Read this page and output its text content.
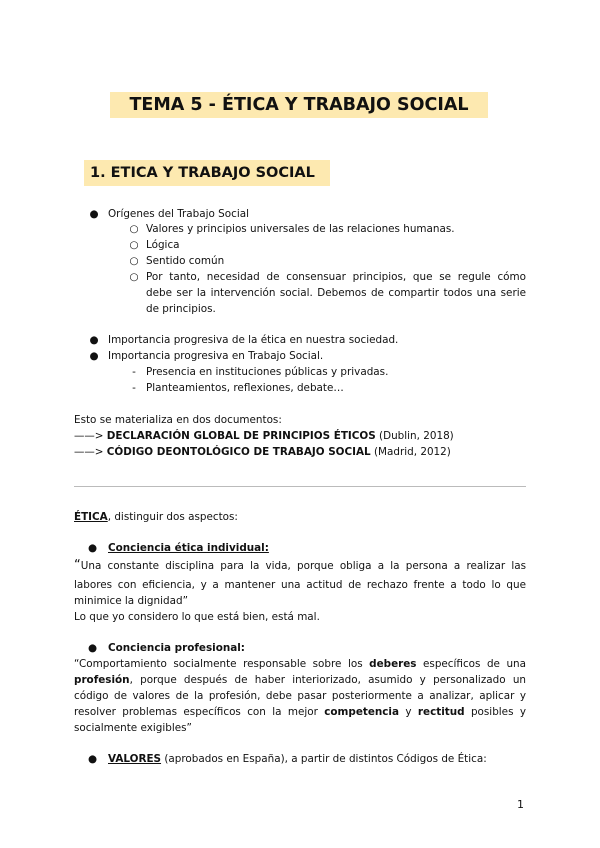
TEMA 5 - ÉTICA Y TRABAJO SOCIAL
1. ETICA Y TRABAJO SOCIAL
● Orígenes del Trabajo Social
○ Valores y principios universales de las relaciones humanas.
○ Lógica
○ Sentido común
○ Por tanto, necesidad de consensuar principios, que se regule cómo
debe ser la intervención social. Debemos de compartir todos una serie
de principios.
● Importancia progresiva de la ética en nuestra sociedad.
● Importancia progresiva en Trabajo Social.
- Presencia en instituciones públicas y privadas.
- Planteamientos, reflexiones, debate…
Esto se materializa en dos documentos:
——> DECLARACIÓN GLOBAL DE PRINCIPIOS ÉTICOS (Dublin, 2018)
——> CÓDIGO DEONTOLÓGICO DE TRABAJO SOCIAL (Madrid, 2012)
ÉTICA, distinguir dos aspectos:
● Conciencia ética individual:
“Una constante disciplina para la vida, porque obliga a la persona a realizar las
labores con eficiencia, y a mantener una actitud de rechazo frente a todo lo que
minimice la dignidad”
Lo que yo considero lo que está bien, está mal.
● Conciencia profesional:
“Comportamiento socialmente responsable sobre los deberes específicos de una
profesión, porque después de haber interiorizado, asumido y personalizado un
código de valores de la profesión, debe pasar posteriormente a analizar, aplicar y
resolver problemas específicos con la mejor competencia y rectitud posibles y
socialmente exigibles”
● VALORES (aprobados en España), a partir de distintos Códigos de Ética:
1
